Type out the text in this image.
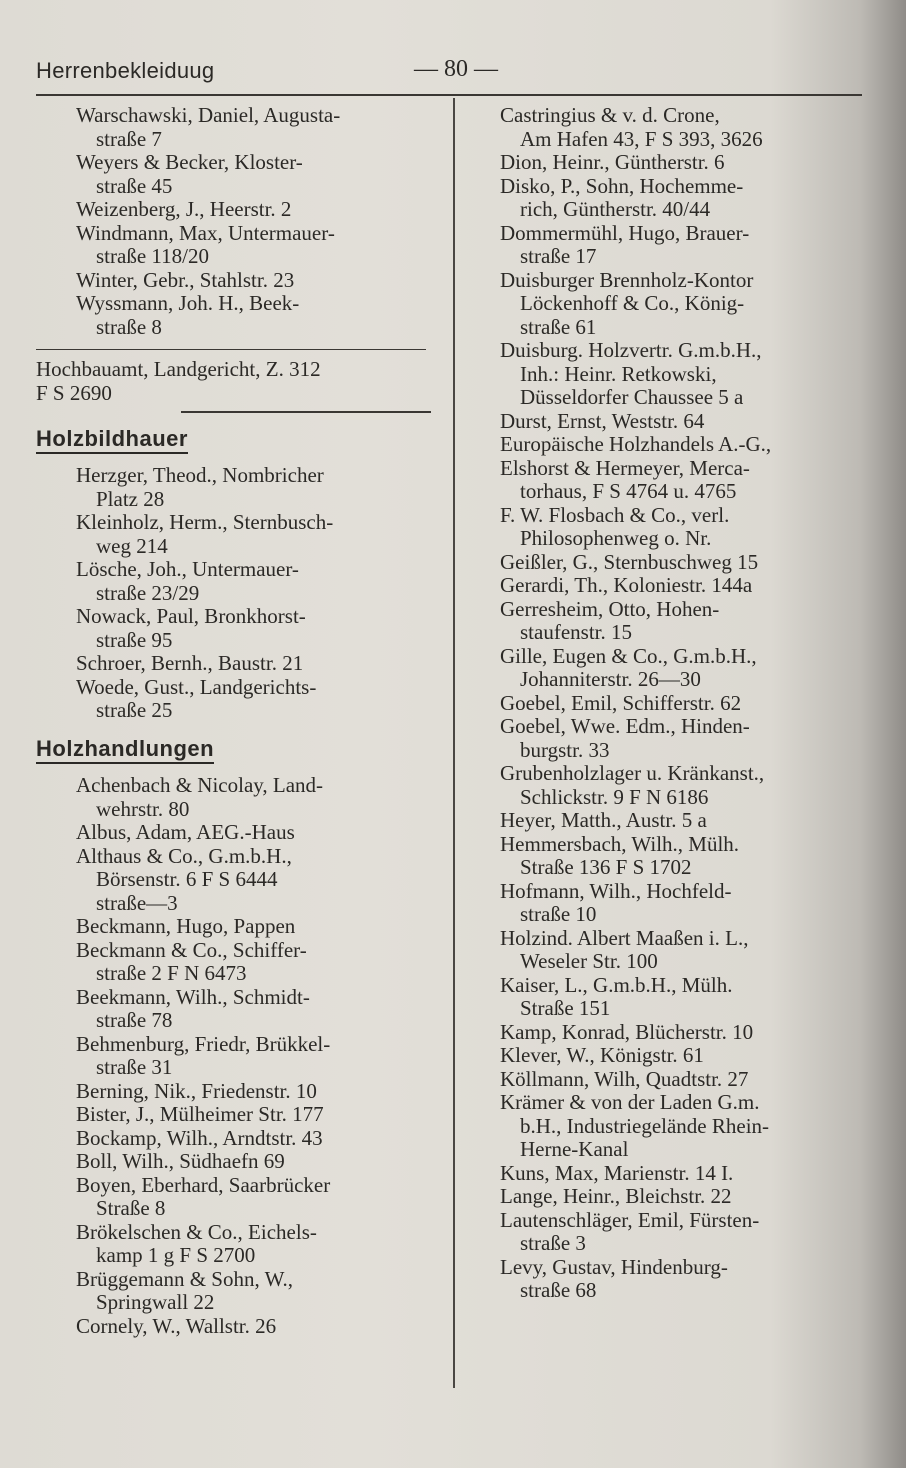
Herrenbekleiduug	— 80 —
Warschawski, Daniel, Augusta-
straße 7
Weyers & Becker, Kloster-
straße 45
Weizenberg, J., Heerstr. 2
Windmann, Max, Untermauer-
straße 118/20
Winter, Gebr., Stahlstr. 23
Wyssmann, Joh. H., Beek-
straße 8
Hochbauamt, Landgericht, Z. 312
F S 2690
Holzbildhauer
Herzger, Theod., Nombricher
Platz 28
Kleinholz, Herm., Sternbusch-
weg 214
Lösche, Joh., Untermauer-
straße 23/29
Nowack, Paul, Bronkhorst-
straße 95
Schroer, Bernh., Baustr. 21
Woede, Gust., Landgerichts-
straße 25
Holzhandlungen
Achenbach & Nicolay, Land-
wehrstr. 80
Albus, Adam, AEG.-Haus
Althaus & Co., G.m.b.H.,
Börsenstr. 6 F S 6444
straße—3
Beckmann, Hugo, Pappen
Beckmann & Co., Schiffer-
straße 2 F N 6473
Beekmann, Wilh., Schmidt-
straße 78
Behmenburg, Friedr, Brükkel-
straße 31
Berning, Nik., Friedenstr. 10
Bister, J., Mülheimer Str. 177
Bockamp, Wilh., Arndtstr. 43
Boll, Wilh., Südhaefn 69
Boyen, Eberhard, Saarbrücker
Straße 8
Brökelschen & Co., Eichels-
kamp 1 g F S 2700
Brüggemann & Sohn, W.,
Springwall 22
Cornely, W., Wallstr. 26
Castringius & v. d. Crone,
Am Hafen 43, F S 393, 3626
Dion, Heinr., Güntherstr. 6
Disko, P., Sohn, Hochemme-
rich, Güntherstr. 40/44
Dommermühl, Hugo, Brauer-
straße 17
Duisburger Brennholz-Kontor
Löckenhoff & Co., König-
straße 61
Duisburg. Holzvertr. G.m.b.H.,
Inh.: Heinr. Retkowski,
Düsseldorfer Chaussee 5 a
Durst, Ernst, Weststr. 64
Europäische Holzhandels A.-G.,
Elshorst & Hermeyer, Merca-
torhaus, F S 4764 u. 4765
F. W. Flosbach & Co., verl.
Philosophenweg o. Nr.
Geißler, G., Sternbuschweg 15
Gerardi, Th., Koloniestr. 144a
Gerresheim, Otto, Hohen-
staufenstr. 15
Gille, Eugen & Co., G.m.b.H.,
Johanniterstr. 26—30
Goebel, Emil, Schifferstr. 62
Goebel, Wwe. Edm., Hinden-
burgstr. 33
Grubenholzlager u. Kränkanst.,
Schlickstr. 9 F N 6186
Heyer, Matth., Austr. 5 a
Hemmersbach, Wilh., Mülh.
Straße 136 F S 1702
Hofmann, Wilh., Hochfeld-
straße 10
Holzind. Albert Maaßen i. L.,
Weseler Str. 100
Kaiser, L., G.m.b.H., Mülh.
Straße 151
Kamp, Konrad, Blücherstr. 10
Klever, W., Königstr. 61
Köllmann, Wilh, Quadtstr. 27
Krämer & von der Laden G.m.
b.H., Industriegelände Rhein-
Herne-Kanal
Kuns, Max, Marienstr. 14 I.
Lange, Heinr., Bleichstr. 22
Lautenschläger, Emil, Fürsten-
straße 3
Levy, Gustav, Hindenburg-
straße 68
